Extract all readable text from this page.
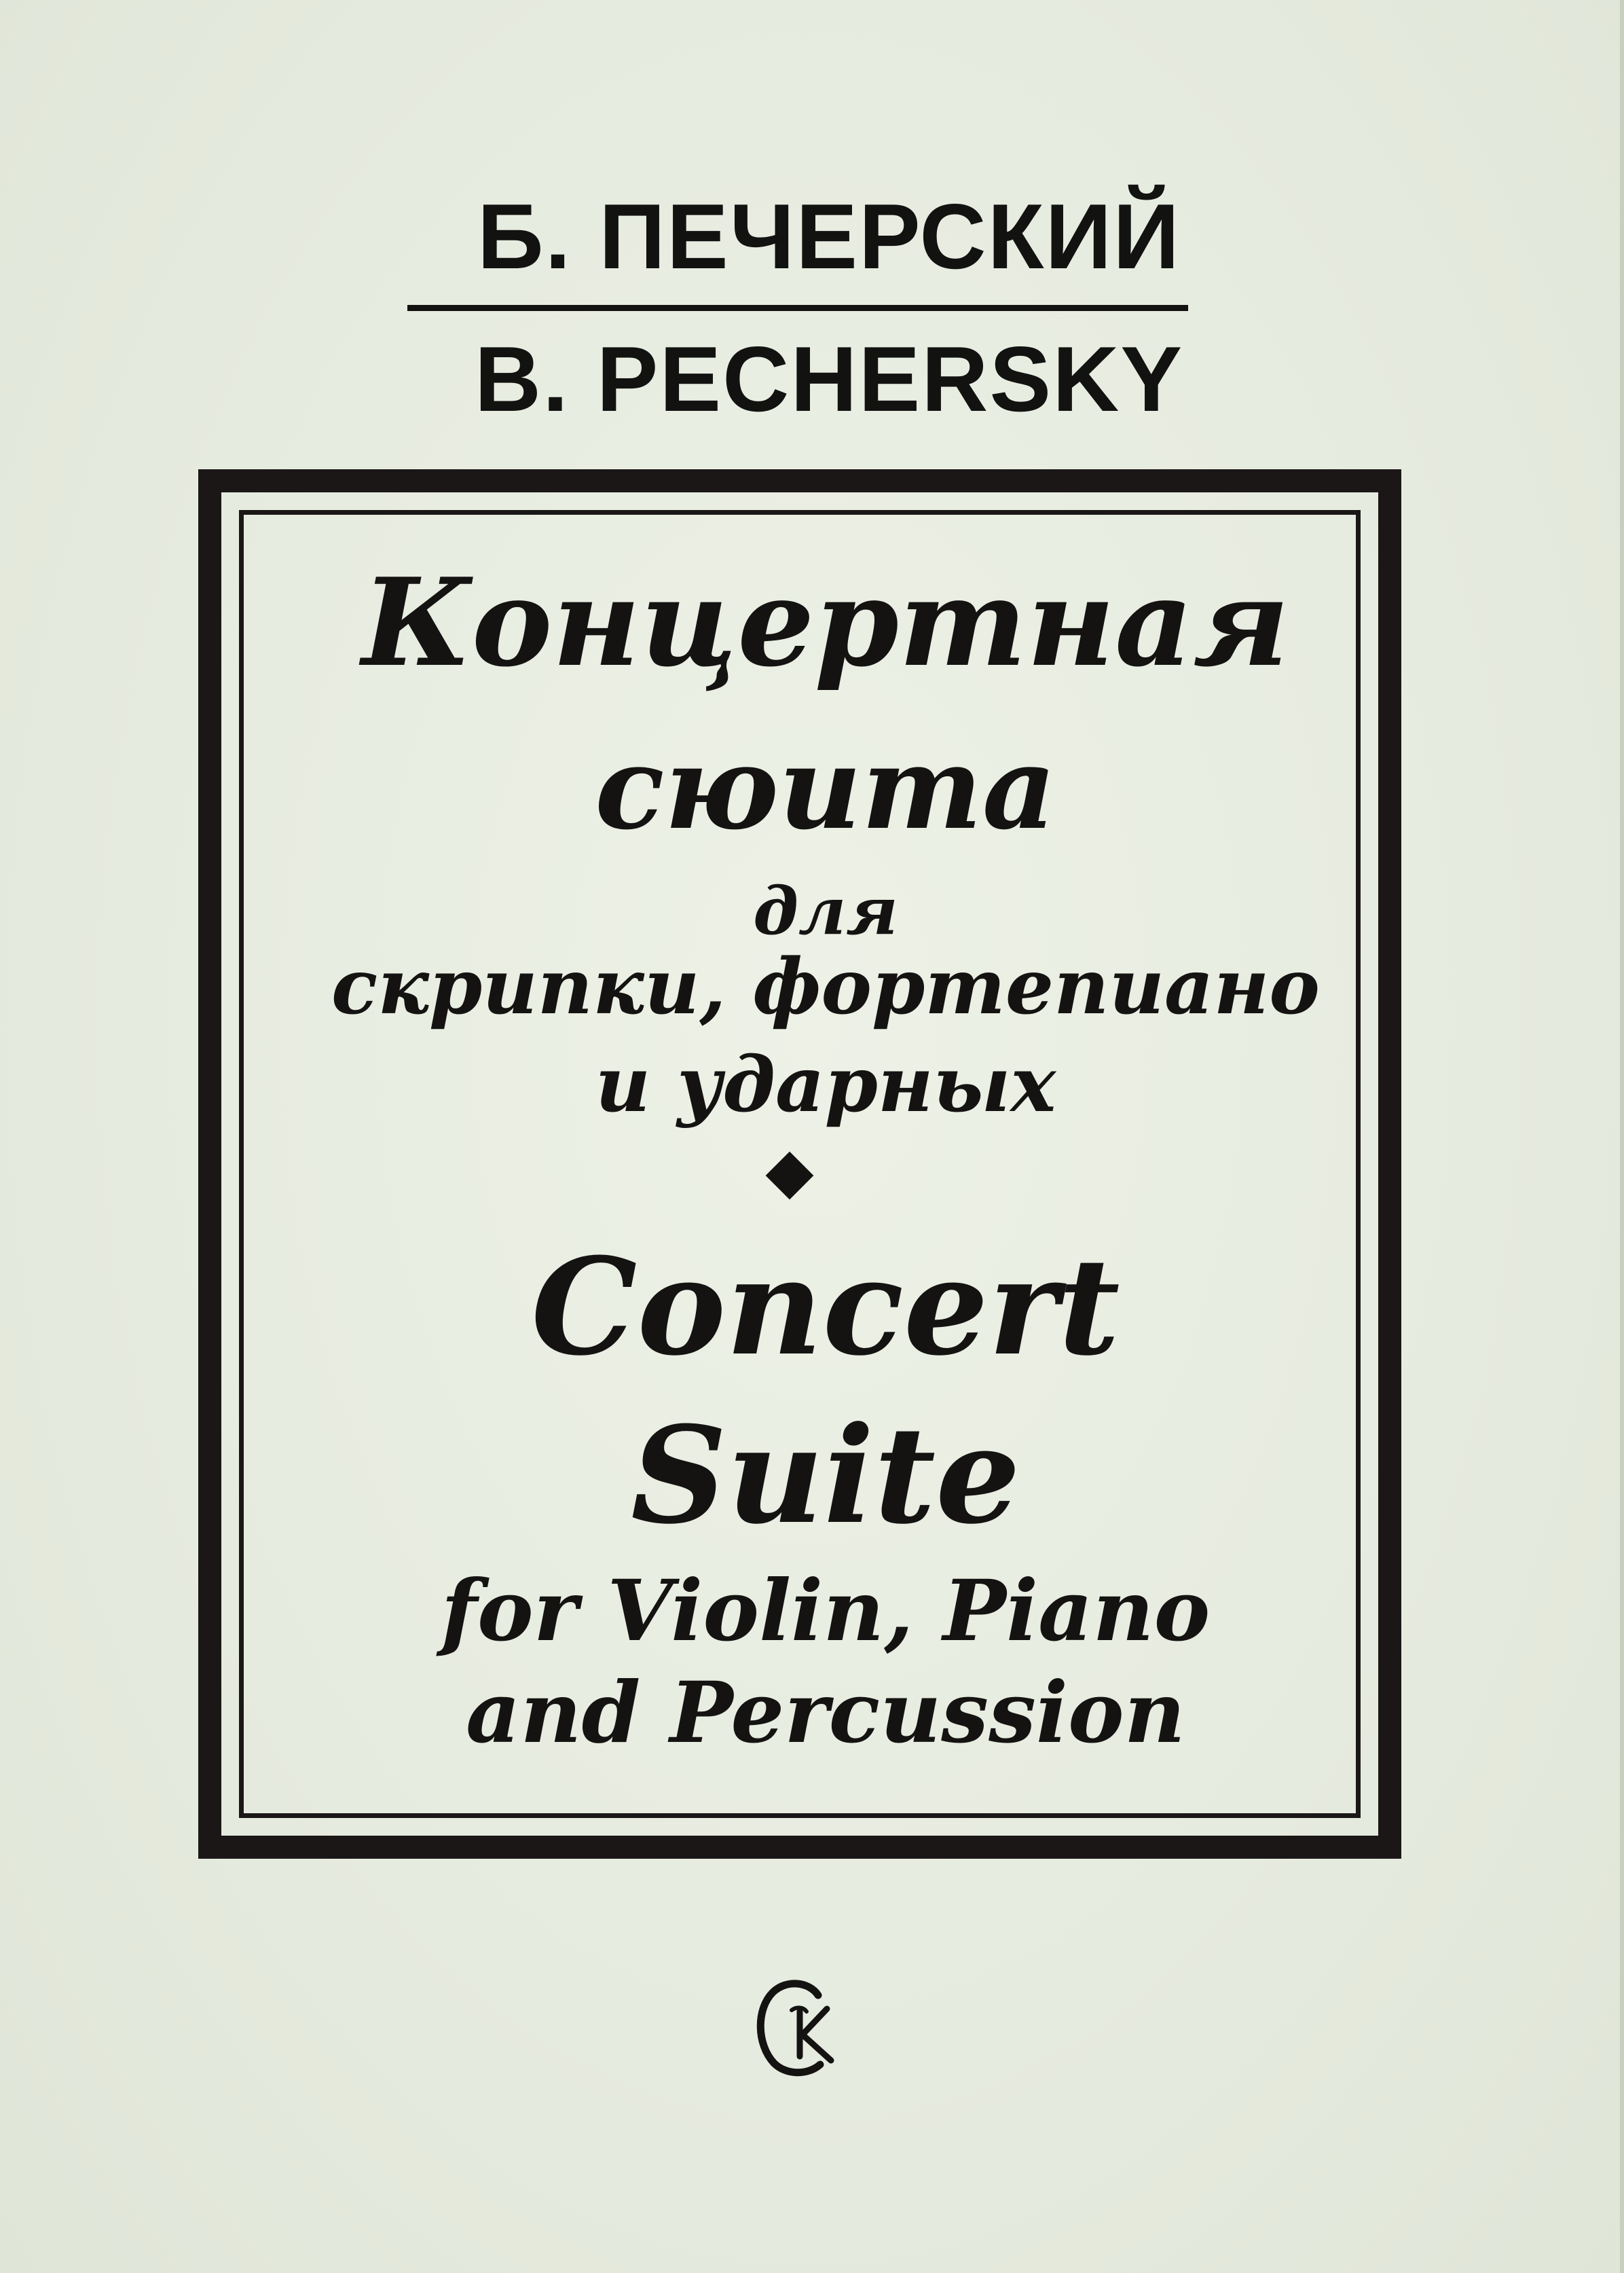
Б. ПЕЧЕРСКИЙ
B. PECHERSKY
Концертная
сюита
для
скрипки, фортепиано
и ударных
Concert
Suite
for Violin, Piano
and Percussion
